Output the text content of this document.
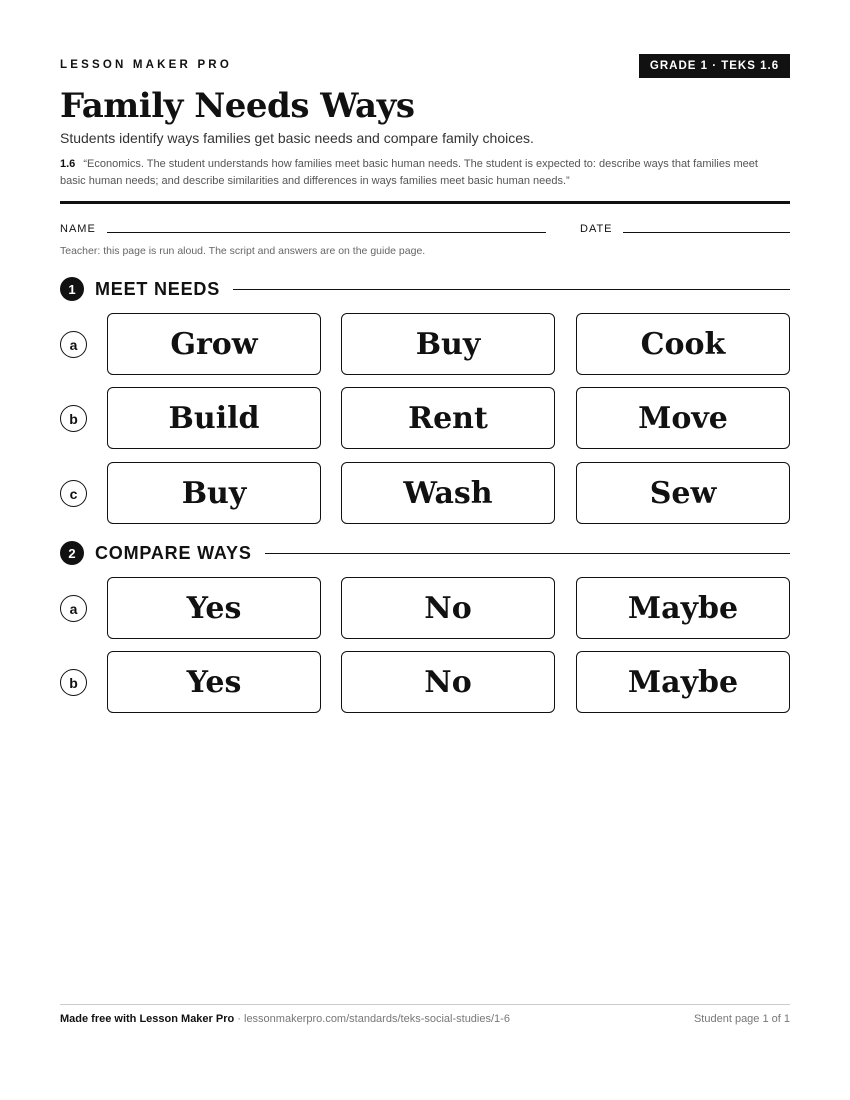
LESSON MAKER PRO	GRADE 1 · TEKS 1.6
Family Needs Ways
Students identify ways families get basic needs and compare family choices.
1.6 “Economics. The student understands how families meet basic human needs. The student is expected to: describe ways that families meet basic human needs; and describe similarities and differences in ways families meet basic human needs.”
NAME	DATE
Teacher: this page is run aloud. The script and answers are on the guide page.
1	MEET NEEDS
a	Grow	Buy	Cook
b	Build	Rent	Move
c	Buy	Wash	Sew
2	COMPARE WAYS
a	Yes	No	Maybe
b	Yes	No	Maybe
Made free with Lesson Maker Pro · lessonmakerpro.com/standards/teks-social-studies/1-6	Student page 1 of 1
